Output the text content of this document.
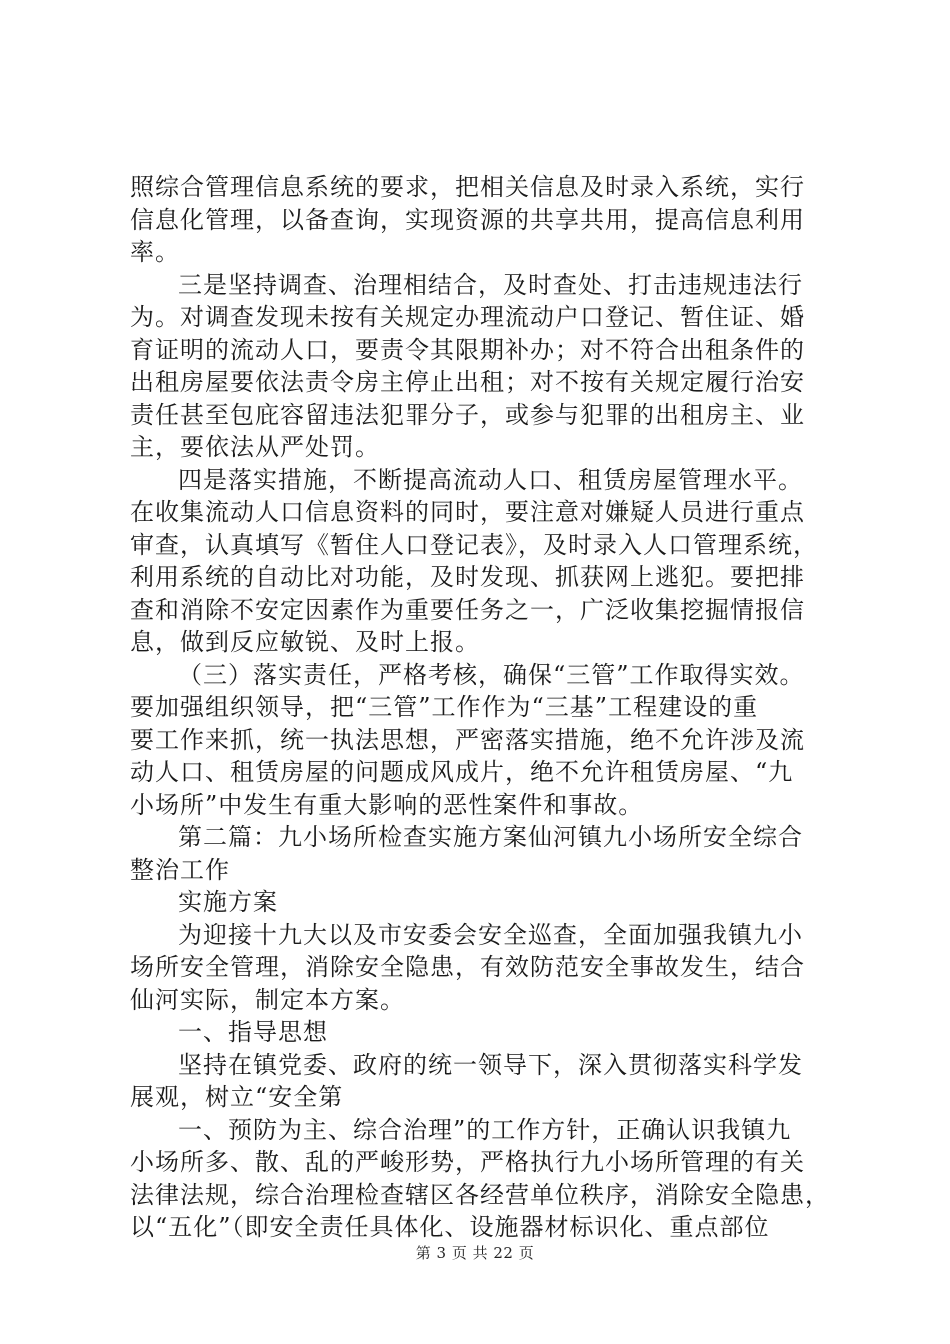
照综合管理信息系统的要求，把相关信息及时录入系统，实行
信息化管理，以备查询，实现资源的共享共用，提高信息利用
率。
三是坚持调查、治理相结合，及时查处、打击违规违法行
为。对调查发现未按有关规定办理流动户口登记、暂住证、婚
育证明的流动人口，要责令其限期补办；对不符合出租条件的
出租房屋要依法责令房主停止出租；对不按有关规定履行治安
责任甚至包庇容留违法犯罪分子，或参与犯罪的出租房主、业
主，要依法从严处罚。
四是落实措施，不断提高流动人口、租赁房屋管理水平。
在收集流动人口信息资料的同时，要注意对嫌疑人员进行重点
审查，认真填写《暂住人口登记表》，及时录入人口管理系统，
利用系统的自动比对功能，及时发现、抓获网上逃犯。要把排
查和消除不安定因素作为重要任务之一，广泛收集挖掘情报信
息，做到反应敏锐、及时上报。
（三）落实责任，严格考核，确保“三管”工作取得实效。
要加强组织领导，把“三管”工作作为“三基”工程建设的重
要工作来抓，统一执法思想，严密落实措施，绝不允许涉及流
动人口、租赁房屋的问题成风成片，绝不允许租赁房屋、“九
小场所”中发生有重大影响的恶性案件和事故。
第二篇：九小场所检查实施方案仙河镇九小场所安全综合
整治工作
实施方案
为迎接十九大以及市安委会安全巡查，全面加强我镇九小
场所安全管理，消除安全隐患，有效防范安全事故发生，结合
仙河实际，制定本方案。
一、指导思想
坚持在镇党委、政府的统一领导下，深入贯彻落实科学发
展观，树立“安全第
一、预防为主、综合治理”的工作方针，正确认识我镇九
小场所多、散、乱的严峻形势，严格执行九小场所管理的有关
法律法规，综合治理检查辖区各经营单位秩序，消除安全隐患，
以“五化”（即安全责任具体化、设施器材标识化、重点部位
第 3 页 共 22 页
